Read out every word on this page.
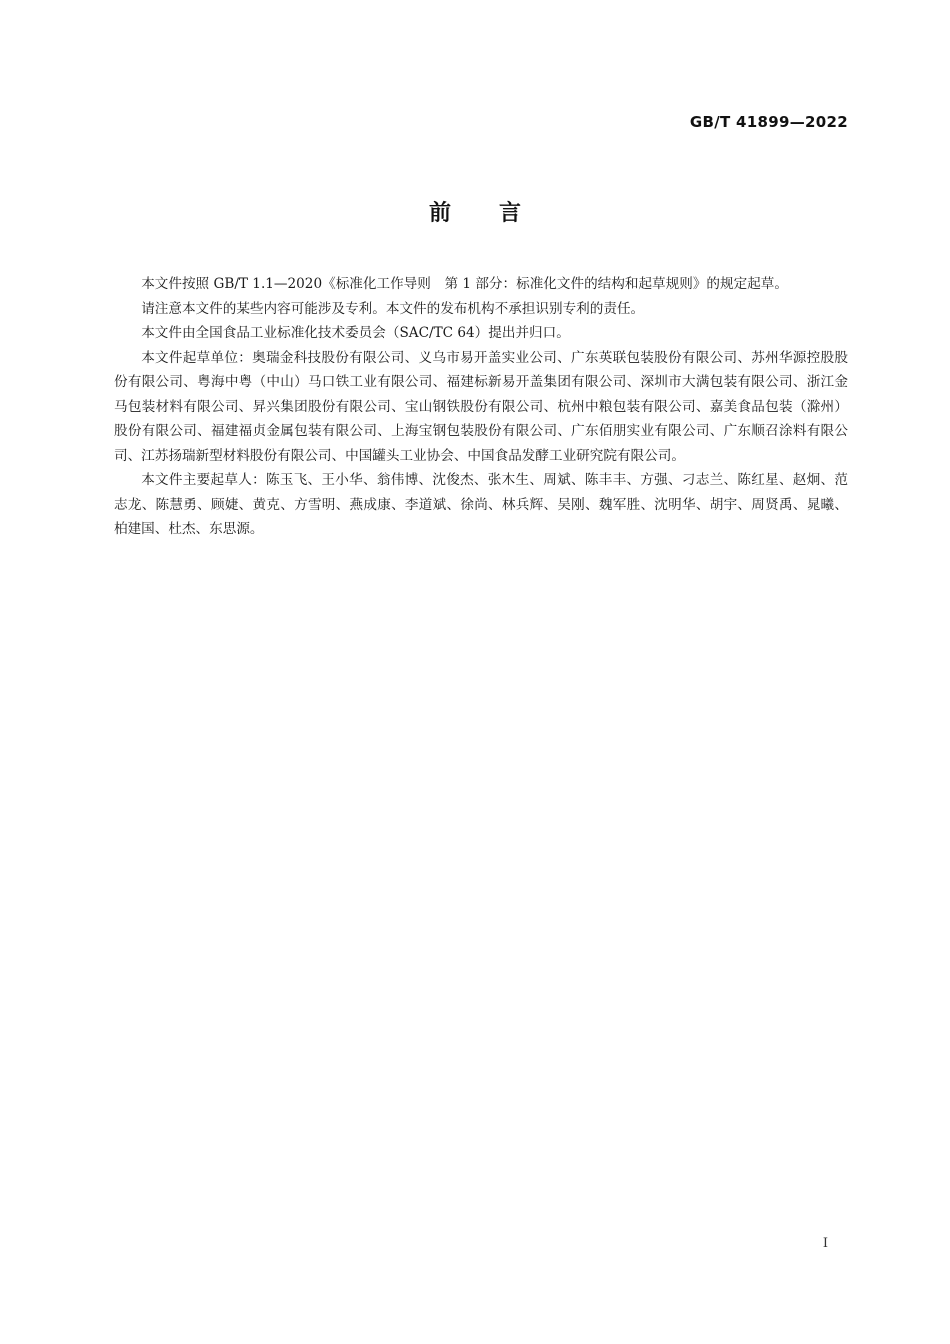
GB/T 41899—2022
前言

本文件按照 GB/T 1.1—2020《标准化工作导则　第 1 部分：标准化文件的结构和起草规则》的规定起草。

请注意本文件的某些内容可能涉及专利。本文件的发布机构不承担识别专利的责任。

本文件由全国食品工业标准化技术委员会（SAC/TC 64）提出并归口。

本文件起草单位：奥瑞金科技股份有限公司、义乌市易开盖实业公司、广东英联包装股份有限公司、苏州华源控股股份有限公司、粤海中粤（中山）马口铁工业有限公司、福建标新易开盖集团有限公司、深圳市大满包装有限公司、浙江金马包装材料有限公司、昇兴集团股份有限公司、宝山钢铁股份有限公司、杭州中粮包装有限公司、嘉美食品包装（滁州）股份有限公司、福建福贞金属包装有限公司、上海宝钢包装股份有限公司、广东佰朋实业有限公司、广东顺召涂料有限公司、江苏扬瑞新型材料股份有限公司、中国罐头工业协会、中国食品发酵工业研究院有限公司。

本文件主要起草人：陈玉飞、王小华、翁伟博、沈俊杰、张木生、周斌、陈丰丰、方强、刁志兰、陈红星、赵炯、范志龙、陈慧勇、顾婕、黄克、方雪明、燕成康、李道斌、徐尚、林兵辉、吴刚、魏军胜、沈明华、胡宇、周贤禹、晁曦、柏建国、杜杰、东思源。

I
